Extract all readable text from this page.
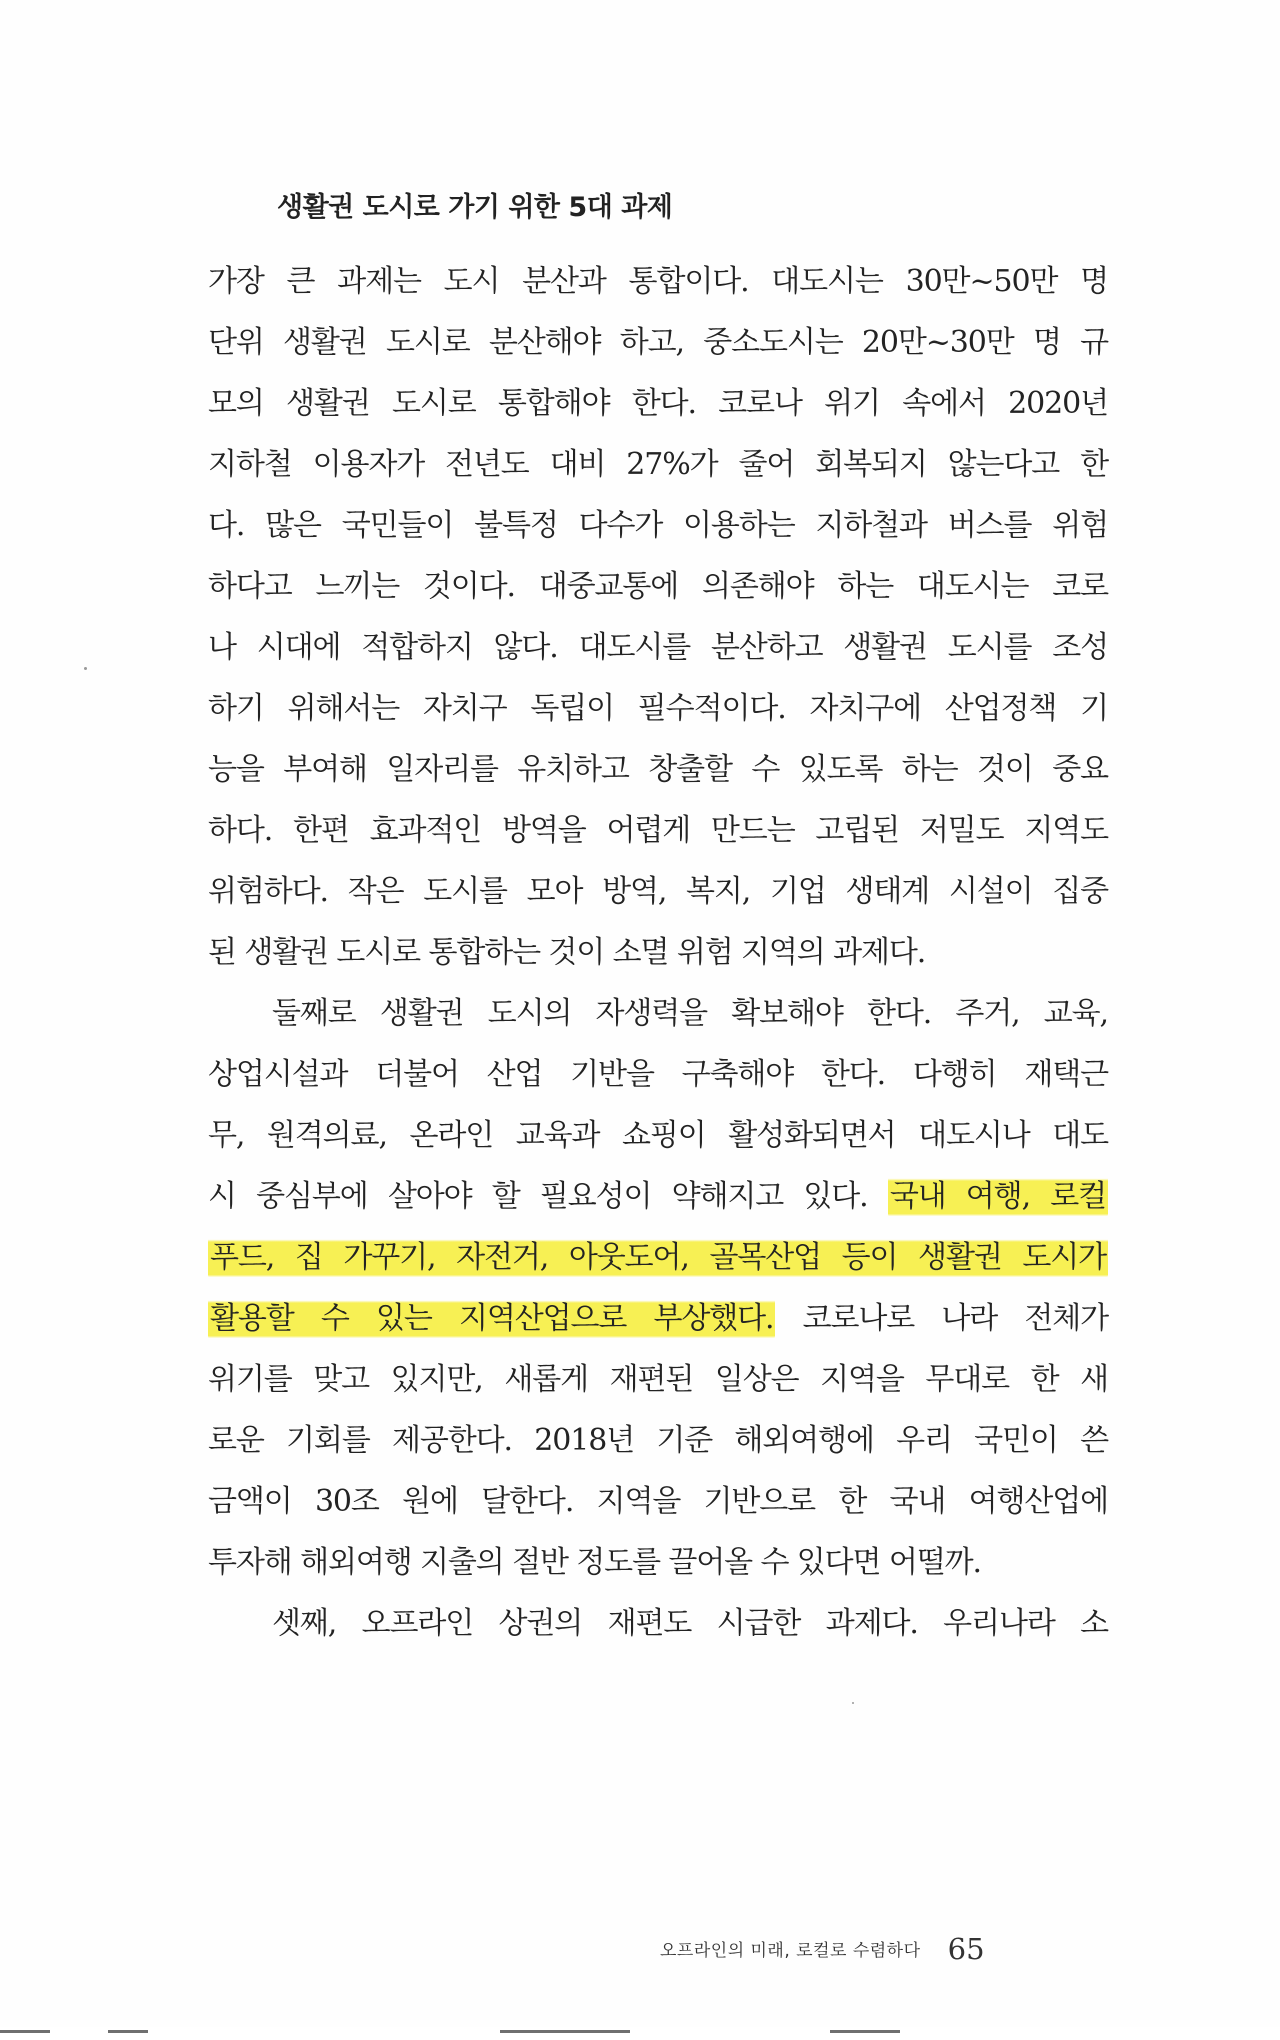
생활권 도시로 가기 위한 5대 과제
가장 큰 과제는 도시 분산과 통합이다. 대도시는 30만~50만 명
단위 생활권 도시로 분산해야 하고, 중소도시는 20만~30만 명 규
모의 생활권 도시로 통합해야 한다. 코로나 위기 속에서 2020년
지하철 이용자가 전년도 대비 27%가 줄어 회복되지 않는다고 한
다. 많은 국민들이 불특정 다수가 이용하는 지하철과 버스를 위험
하다고 느끼는 것이다. 대중교통에 의존해야 하는 대도시는 코로
나 시대에 적합하지 않다. 대도시를 분산하고 생활권 도시를 조성
하기 위해서는 자치구 독립이 필수적이다. 자치구에 산업정책 기
능을 부여해 일자리를 유치하고 창출할 수 있도록 하는 것이 중요
하다. 한편 효과적인 방역을 어렵게 만드는 고립된 저밀도 지역도
위험하다. 작은 도시를 모아 방역, 복지, 기업 생태계 시설이 집중
된 생활권 도시로 통합하는 것이 소멸 위험 지역의 과제다.
둘째로 생활권 도시의 자생력을 확보해야 한다. 주거, 교육,
상업시설과 더불어 산업 기반을 구축해야 한다. 다행히 재택근
무, 원격의료, 온라인 교육과 쇼핑이 활성화되면서 대도시나 대도
시 중심부에 살아야 할 필요성이 약해지고 있다. 국내 여행, 로컬
푸드, 집 가꾸기, 자전거, 아웃도어, 골목산업 등이 생활권 도시가
활용할 수 있는 지역산업으로 부상했다. 코로나로 나라 전체가
위기를 맞고 있지만, 새롭게 재편된 일상은 지역을 무대로 한 새
로운 기회를 제공한다. 2018년 기준 해외여행에 우리 국민이 쓴
금액이 30조 원에 달한다. 지역을 기반으로 한 국내 여행산업에
투자해 해외여행 지출의 절반 정도를 끌어올 수 있다면 어떨까.
셋째, 오프라인 상권의 재편도 시급한 과제다. 우리나라 소
오프라인의 미래, 로컬로 수렴하다 65
